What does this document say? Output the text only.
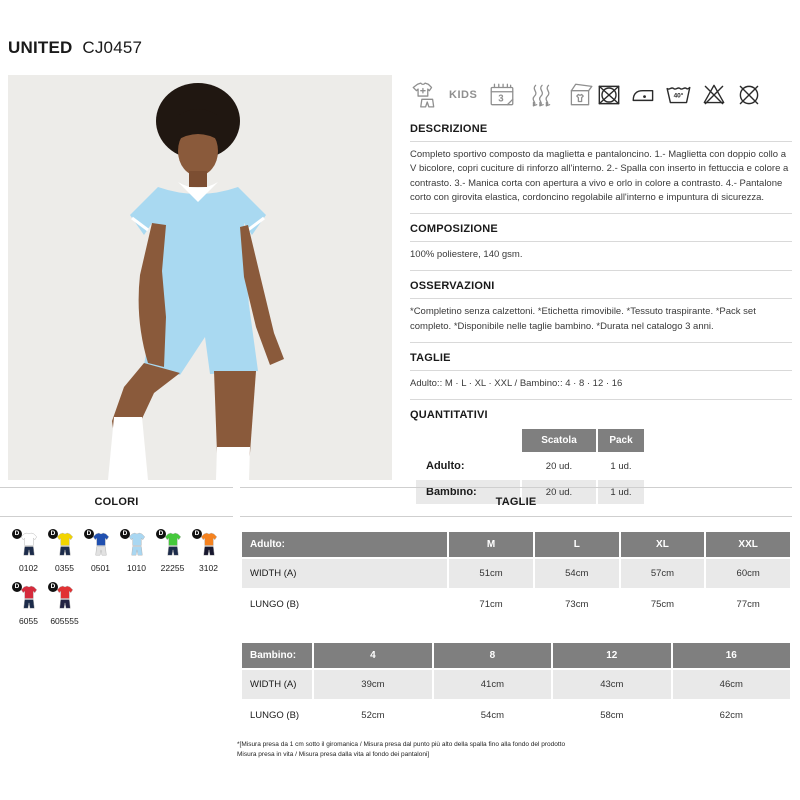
UNITED CJ0457
KIDS 3	40°
DESCRIZIONE

Completo sportivo composto da maglietta e pantaloncino. 1.- Maglietta con doppio collo a V bicolore, copri cuciture di rinforzo all'interno. 2.- Spalla con inserto in fettuccia e colore a contrasto. 3.- Manica corta con apertura a vivo e orlo in colore a contrasto. 4.- Pantalone corto con girovita elastica, cordoncino regolabile all'interno e impuntura di sicurezza.

COMPOSIZIONE

100% poliestere, 140 gsm.

OSSERVAZIONI

*Completino senza calzettoni. *Etichetta rimovibile. *Tessuto traspirante. *Pack set completo. *Disponibile nelle taglie bambino. *Durata nel catalogo 3 anni.

TAGLIE

Adulto:: M · L · XL · XXL / Bambino:: 4 · 8 · 12 · 16

QUANTITATIVI
	Scatola	Pack
Adulto:	20 ud.	1 ud.
Bambino:	20 ud.	1 ud.
COLORI
D
0102
D
0355
D
0501
D
1010
D
22255
D
3102
D
6055
D
605555
TAGLIE
Adulto:	M	L	XL	XXL
WIDTH (A)	51cm	54cm	57cm	60cm
LUNGO (B)	71cm	73cm	75cm	77cm
Bambino:	4	8	12	16
WIDTH (A)	39cm	41cm	43cm	46cm
LUNGO (B)	52cm	54cm	58cm	62cm
*[Misura presa da 1 cm sotto il giromanica / Misura presa dal punto più alto della spalla fino alla fondo del prodotto
Misura presa in vita / Misura presa dalla vita al fondo dei pantaloni]
